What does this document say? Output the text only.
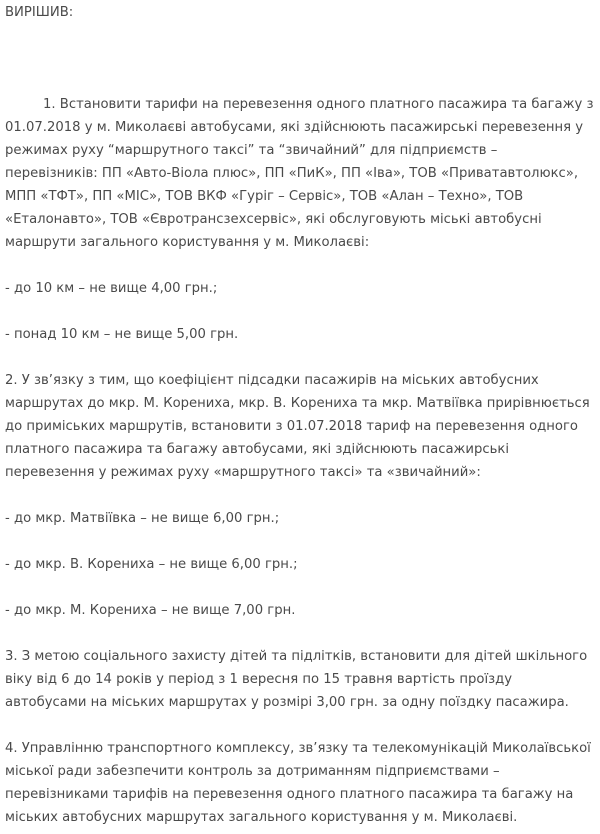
ВИРІШИВ:

1. Встановити тарифи на перевезення одного платного пасажира та багажу з 01.07.2018 у м. Миколаєві автобусами, які здійснюють пасажирські перевезення у режимах руху “маршрутного таксі” та “звичайний” для підприємств – перевізників: ПП «Авто-Віола плюс», ПП «ПиК», ПП «Іва», ТОВ «Приватавтолюкс», МПП «ТФТ», ПП «МІС», ТОВ ВКФ «Гуріг – Сервіс», ТОВ «Алан – Техно», ТОВ «Еталонавто», ТОВ «Євротрансзехсервіс», які обслуговують міські автобусні маршрути загального користування у м. Миколаєві:

- до 10 км – не вище 4,00 грн.;

- понад 10 км – не вище 5,00 грн.

2. У зв’язку з тим, що коефіцієнт підсадки пасажирів на міських автобусних маршрутах до мкр. М. Корениха, мкр. В. Корениха та мкр. Матвіївка прирівнюється до приміських маршрутів, встановити з 01.07.2018 тариф на перевезення одного платного пасажира та багажу автобусами, які здійснюють пасажирські перевезення у режимах руху «маршрутного таксі» та «звичайний»:

- до мкр. Матвіївка – не вище 6,00 грн.;

- до мкр. В. Корениха – не вище 6,00 грн.;

- до мкр. М. Корениха – не вище 7,00 грн.

3. З метою соціального захисту дітей та підлітків, встановити для дітей шкільного віку від 6 до 14 років у період з 1 вересня по 15 травня вартість проїзду автобусами на міських маршрутах у розмірі 3,00 грн. за одну поїздку пасажира.

4. Управлінню транспортного комплексу, зв’язку та телекомунікацій Миколаївської міської ради забезпечити контроль за дотриманням підприємствами – перевізниками тарифів на перевезення одного платного пасажира та багажу на міських автобусних маршрутах загального користування у м. Миколаєві.
